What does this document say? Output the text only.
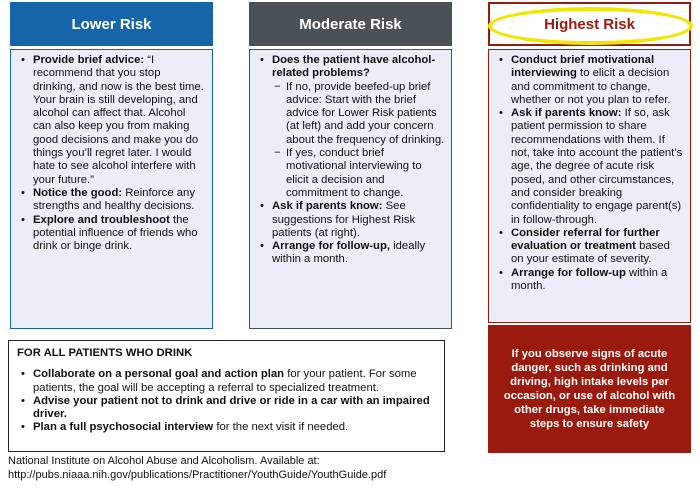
Lower Risk
• Provide brief advice: “I recommend that you stop drinking, and now is the best time. Your brain is still developing, and alcohol can affect that. Alcohol can also keep you from making good decisions and make you do things you’ll regret later. I would hate to see alcohol interfere with your future.”
• Notice the good: Reinforce any strengths and healthy decisions.
• Explore and troubleshoot the potential influence of friends who drink or binge drink.
Moderate Risk
• Does the patient have alcohol-related problems?
− If no, provide beefed-up brief advice: Start with the brief advice for Lower Risk patients (at left) and add your concern about the frequency of drinking.
− If yes, conduct brief motivational interviewing to elicit a decision and commitment to change.
• Ask if parents know: See suggestions for Highest Risk patients (at right).
• Arrange for follow-up, ideally within a month.
Highest Risk
• Conduct brief motivational interviewing to elicit a decision and commitment to change, whether or not you plan to refer.
• Ask if parents know: If so, ask patient permission to share recommendations with them. If not, take into account the patient’s age, the degree of acute risk posed, and other circumstances, and consider breaking confidentiality to engage parent(s) in follow-through.
• Consider referral for further evaluation or treatment based on your estimate of severity.
• Arrange for follow-up within a month.
If you observe signs of acute danger, such as drinking and driving, high intake levels per occasion, or use of alcohol with other drugs, take immediate steps to ensure safety
FOR ALL PATIENTS WHO DRINK
• Collaborate on a personal goal and action plan for your patient. For some patients, the goal will be accepting a referral to specialized treatment.
• Advise your patient not to drink and drive or ride in a car with an impaired driver.
• Plan a full psychosocial interview for the next visit if needed.
National Institute on Alcohol Abuse and Alcoholism. Available at:
http://pubs.niaaa.nih.gov/publications/Practitioner/YouthGuide/YouthGuide.pdf
